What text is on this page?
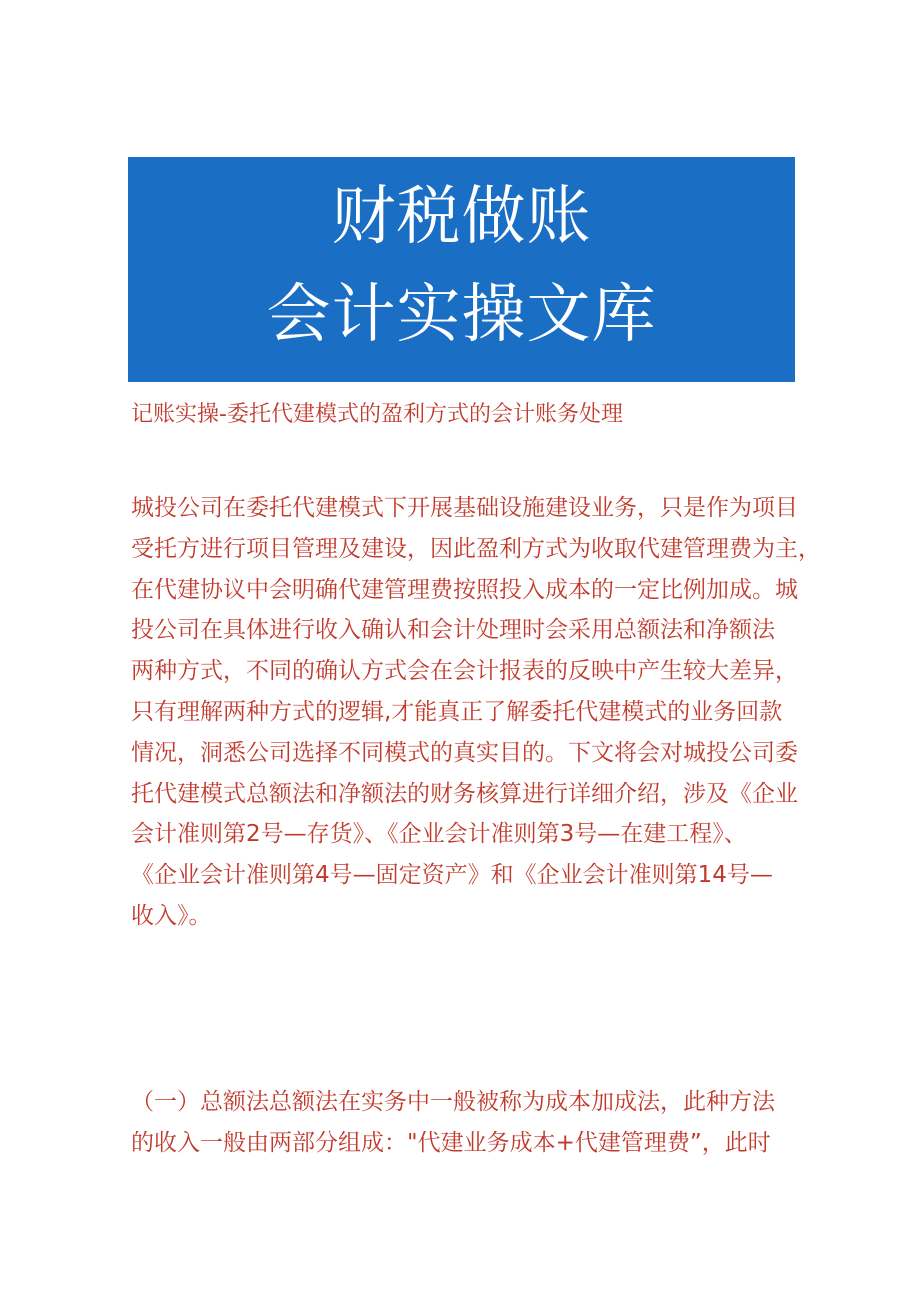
财税做账
会计实操文库
记账实操-委托代建模式的盈利方式的会计账务处理
城投公司在委托代建模式下开展基础设施建设业务，只是作为项目
受托方进行项目管理及建设，因此盈利方式为收取代建管理费为主，
在代建协议中会明确代建管理费按照投入成本的一定比例加成。城
投公司在具体进行收入确认和会计处理时会采用总额法和净额法
两种方式，不同的确认方式会在会计报表的反映中产生较大差异，
只有理解两种方式的逻辑,才能真正了解委托代建模式的业务回款
情况，洞悉公司选择不同模式的真实目的。下文将会对城投公司委
托代建模式总额法和净额法的财务核算进行详细介绍，涉及《企业
会计准则第2号—存货》、《企业会计准则第3号—在建工程》、
《企业会计准则第4号—固定资产》和《企业会计准则第14号—
收入》。
（一）总额法总额法在实务中一般被称为成本加成法，此种方法
的收入一般由两部分组成："代建业务成本+代建管理费”，此时
